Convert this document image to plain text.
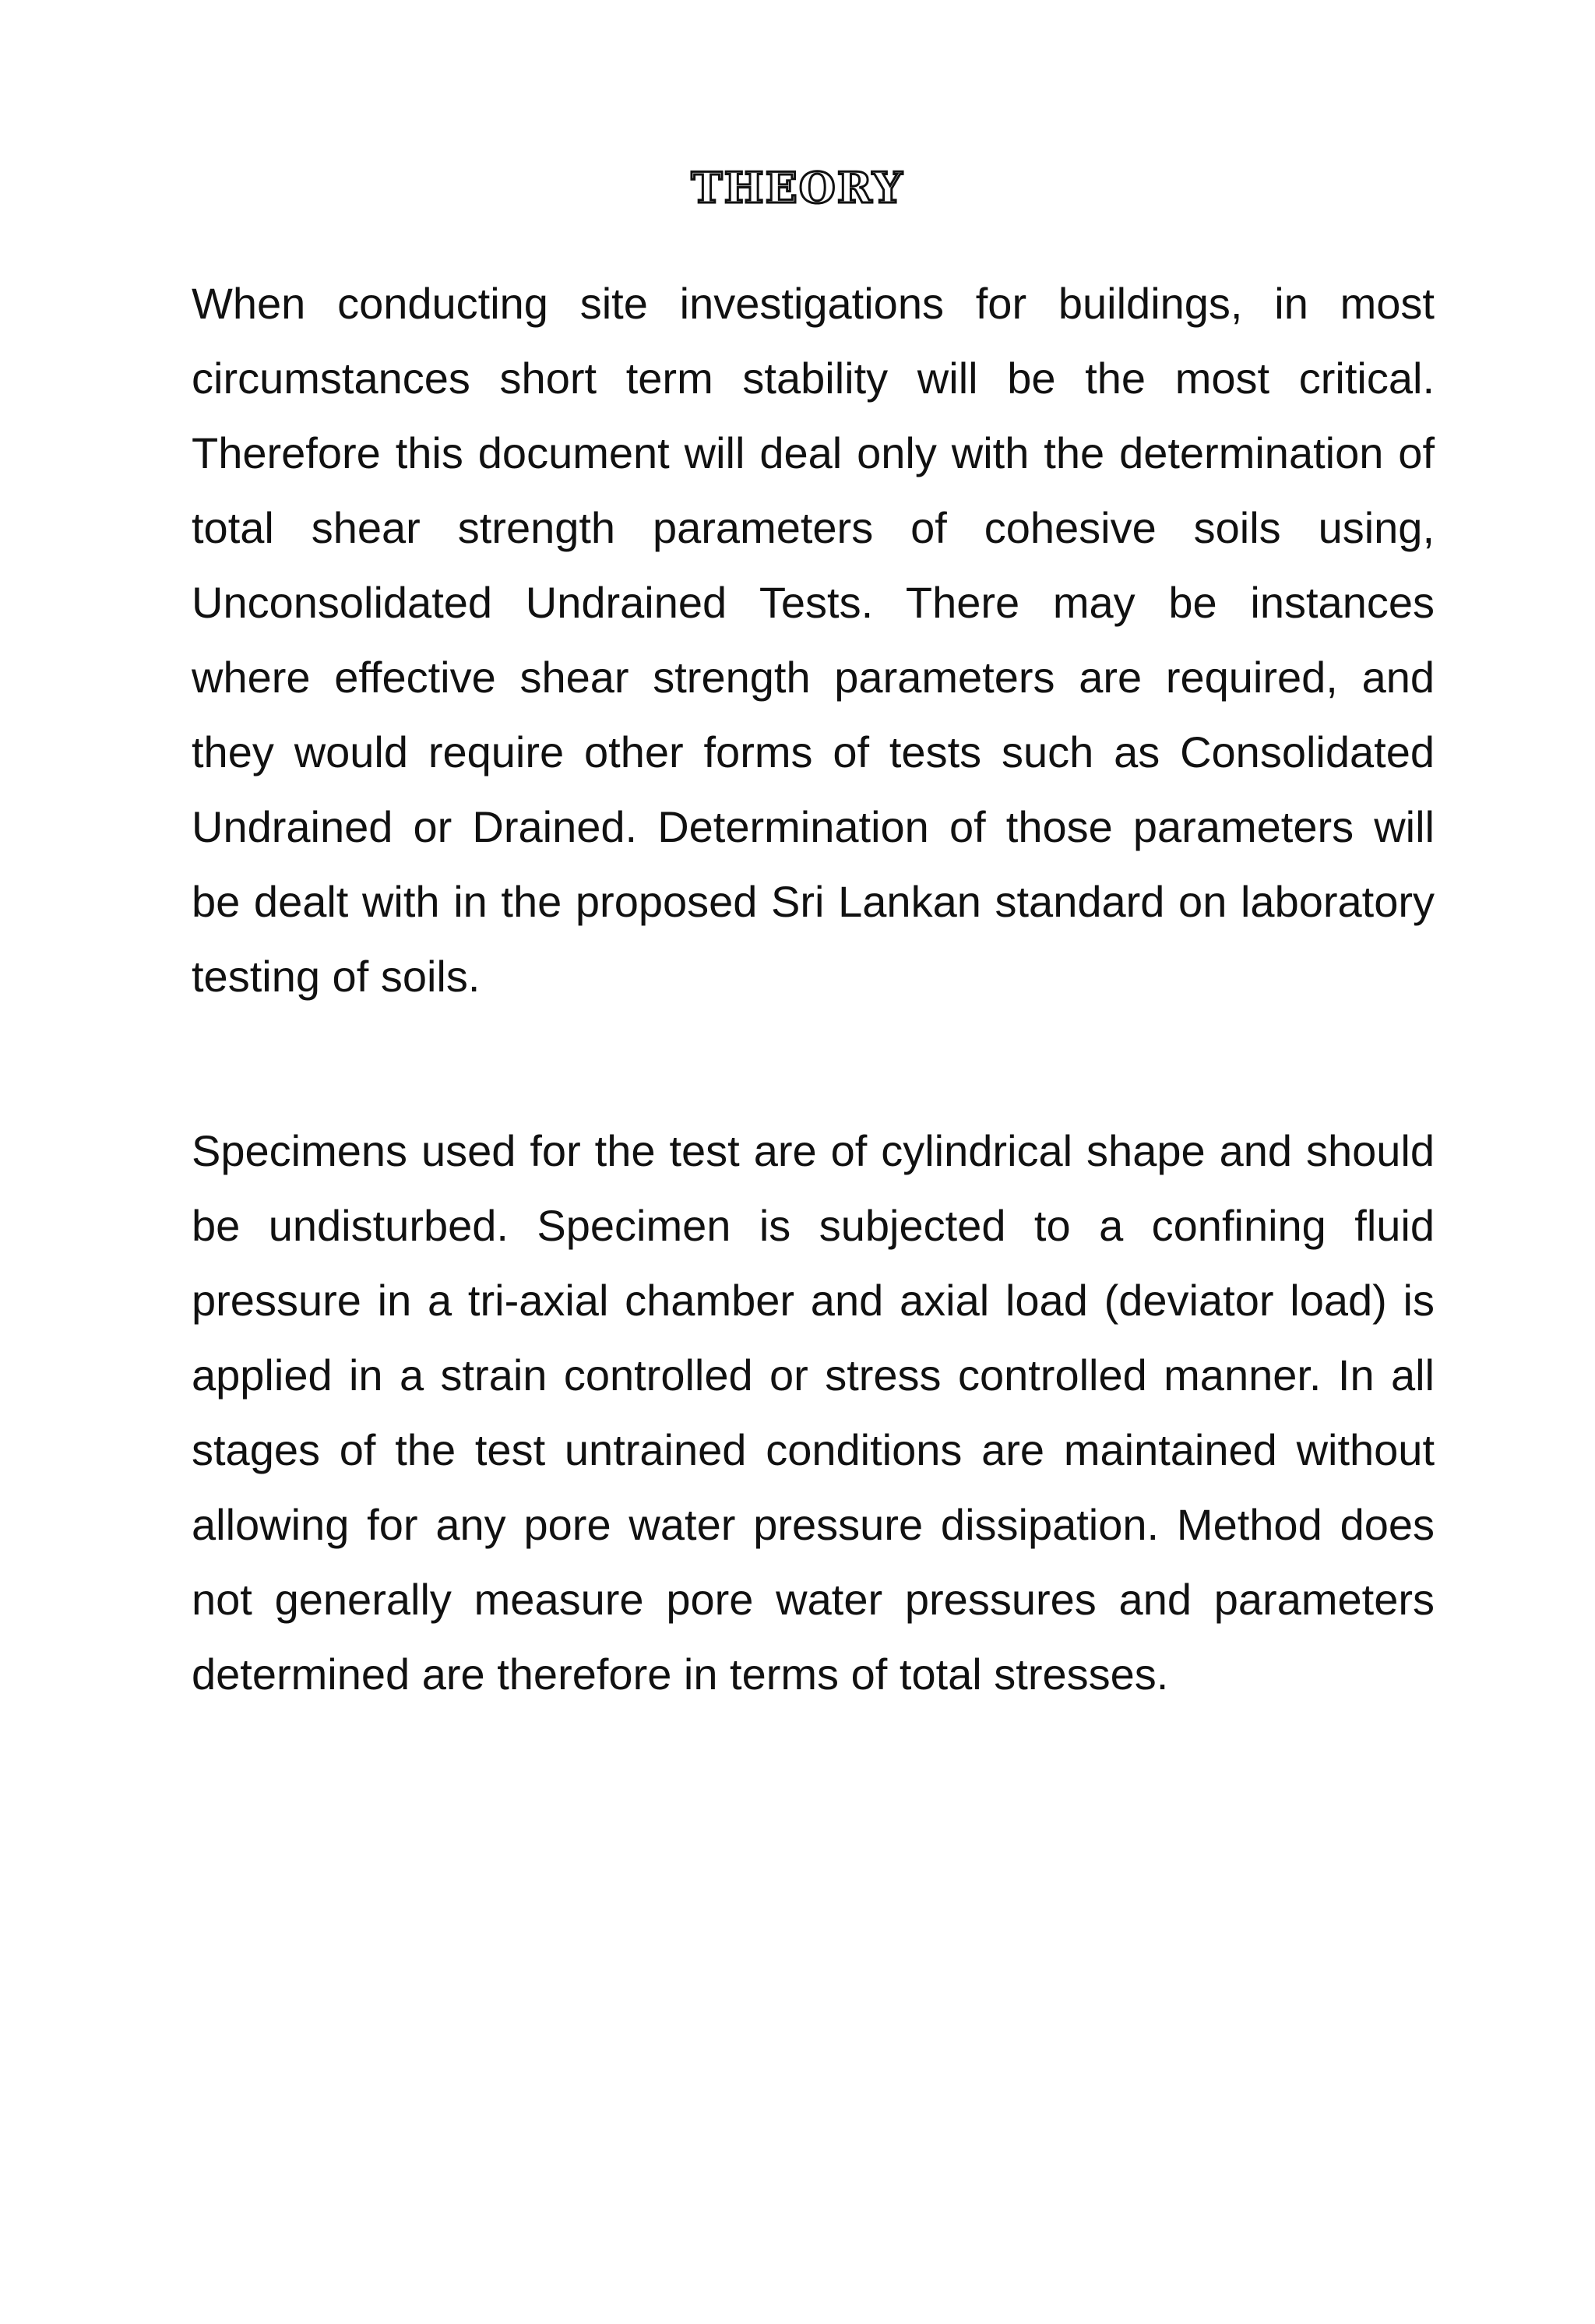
THEORY

When conducting site investigations for buildings, in most circumstances short term stability will be the most critical. Therefore this document will deal only with the determination of total shear strength parameters of cohesive soils using, Unconsolidated Undrained Tests. There may be instances where effective shear strength parameters are required, and they would require other forms of tests such as Consolidated Undrained or Drained. Determination of those parameters will be dealt with in the proposed Sri Lankan standard on laboratory testing of soils.

Specimens used for the test are of cylindrical shape and should be undisturbed. Specimen is subjected to a confining fluid pressure in a tri-axial chamber and axial load (deviator load) is applied in a strain controlled or stress controlled manner. In all stages of the test untrained conditions are maintained without allowing for any pore water pressure dissipation. Method does not generally measure pore water pressures and parameters determined are therefore in terms of total stresses.
